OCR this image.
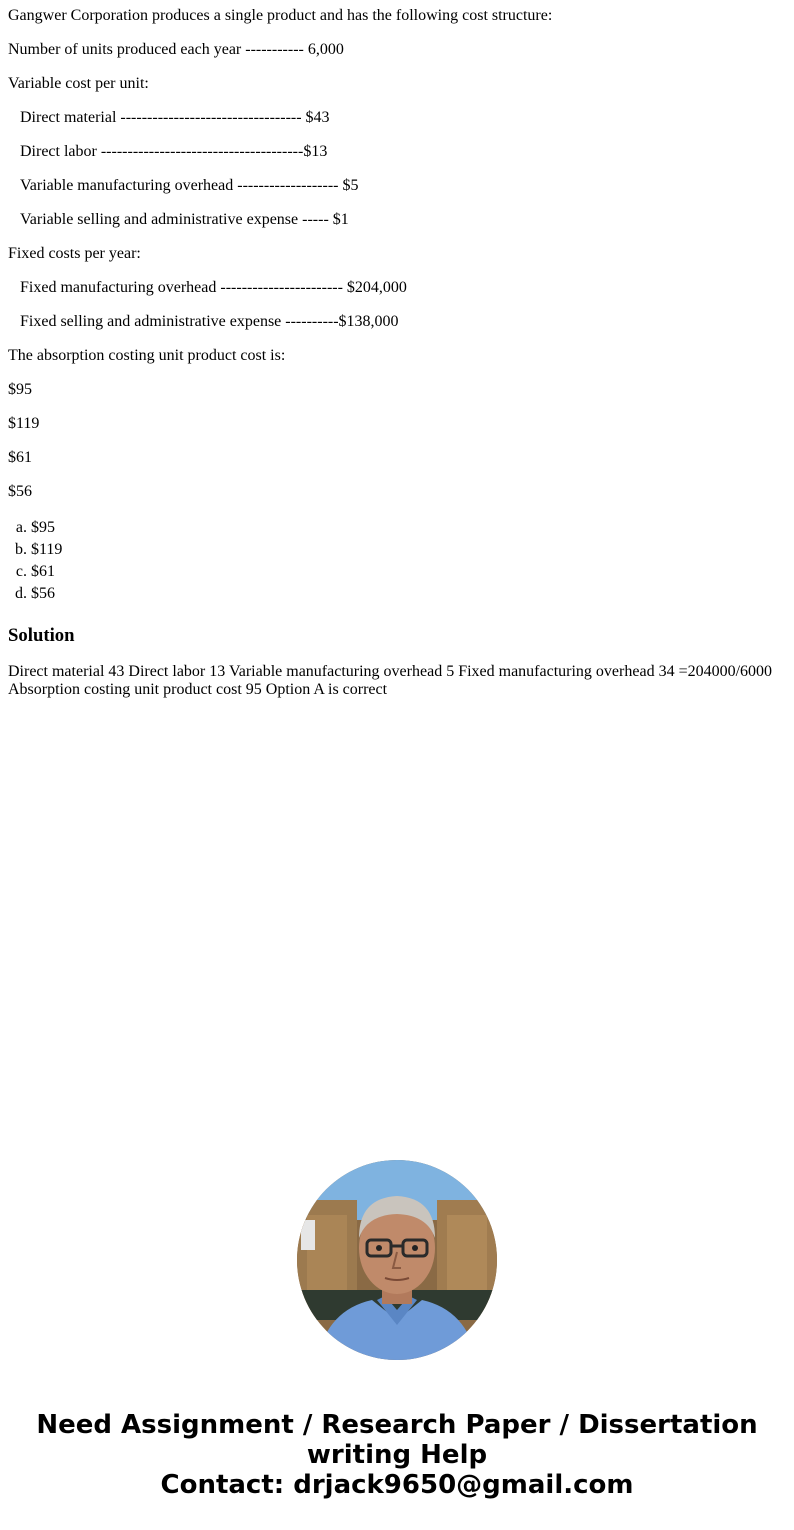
Gangwer Corporation produces a single product and has the following cost structure:

Number of units produced each year ----------- 6,000

Variable cost per unit:

Direct material ---------------------------------- $43

Direct labor --------------------------------------$13

Variable manufacturing overhead ------------------- $5

Variable selling and administrative expense ----- $1

Fixed costs per year:

Fixed manufacturing overhead ----------------------- $204,000

Fixed selling and administrative expense ----------$138,000

The absorption costing unit product cost is:

$95

$119

$61

$56

a. $95
b. $119
c. $61
d. $56
Solution
Direct material 43 Direct labor 13 Variable manufacturing overhead 5 Fixed manufacturing overhead 34 =204000/6000
Absorption costing unit product cost 95 Option A is correct
Need Assignment / Research Paper / Dissertation
writing Help
Contact: drjack9650@gmail.com
